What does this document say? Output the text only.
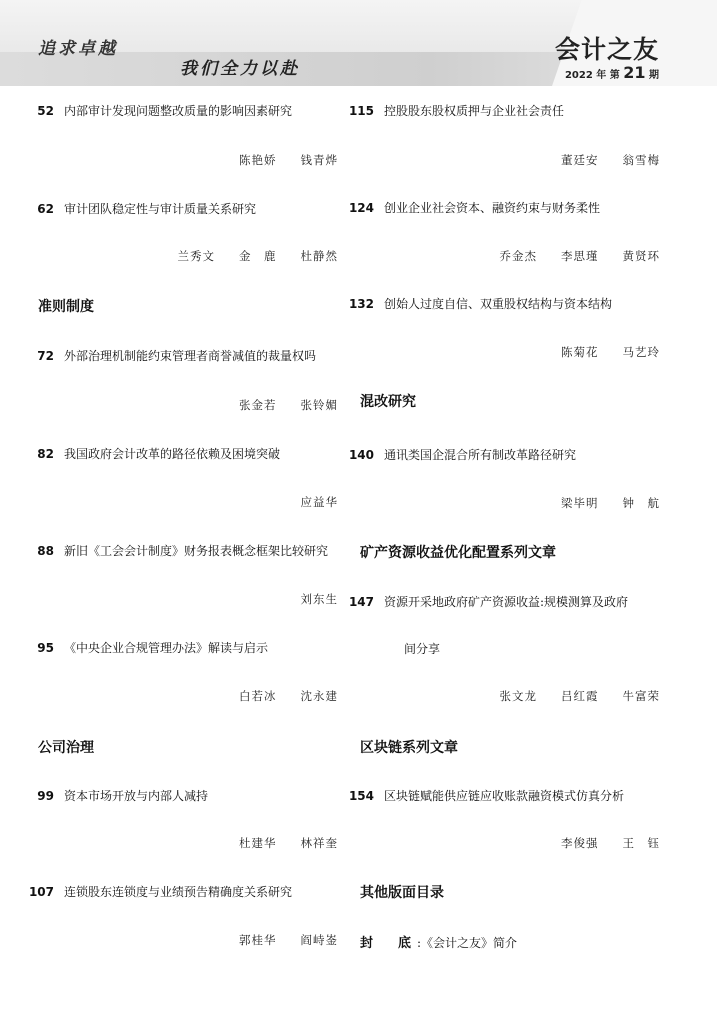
追求卓越
我们全力以赴
会计之友
2022 年 第 21 期
52 内部审计发现问题整改质量的影响因素研究
陈艳娇 钱青烨
62 审计团队稳定性与审计质量关系研究
兰秀文 金　鹿 杜静然
准则制度
72 外部治理机制能约束管理者商誉减值的裁量权吗
张金若 张铃媚
82 我国政府会计改革的路径依赖及困境突破
应益华
88 新旧《工会会计制度》财务报表概念框架比较研究
刘东生
95 《中央企业合规管理办法》解读与启示
白若冰 沈永建
公司治理
99 资本市场开放与内部人减持
杜建华 林祥奎
107 连锁股东连锁度与业绩预告精确度关系研究
郭桂华 阎峙崟
115 控股股东股权质押与企业社会责任
董廷安 翁雪梅
124 创业企业社会资本、融资约束与财务柔性
乔金杰 李思瑾 黄贤环
132 创始人过度自信、双重股权结构与资本结构
陈菊花 马艺玲
混改研究
140 通讯类国企混合所有制改革路径研究
梁毕明 钟　航
矿产资源收益优化配置系列文章
147 资源开采地政府矿产资源收益:规模测算及政府
间分享
张文龙 吕红霞 牛富荣
区块链系列文章
154 区块链赋能供应链应收账款融资模式仿真分析
李俊强 王　钰
其他版面目录
封　底:《会计之友》简介
